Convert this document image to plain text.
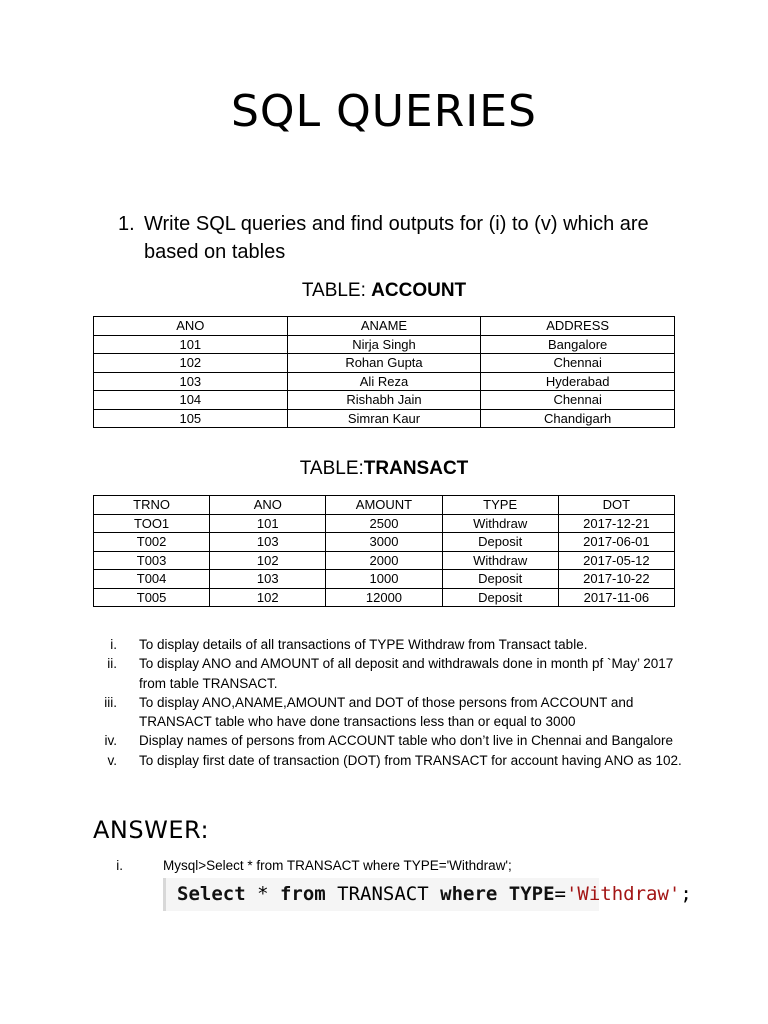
SQL QUERIES
1. Write SQL queries and find outputs for (i) to (v) which are based on tables
TABLE: ACCOUNT
ANO	ANAME	ADDRESS
101	Nirja Singh	Bangalore
102	Rohan Gupta	Chennai
103	Ali Reza	Hyderabad
104	Rishabh Jain	Chennai
105	Simran Kaur	Chandigarh
TABLE:TRANSACT
TRNO	ANO	AMOUNT	TYPE	DOT
TOO1	101	2500	Withdraw	2017-12-21
T002	103	3000	Deposit	2017-06-01
T003	102	2000	Withdraw	2017-05-12
T004	103	1000	Deposit	2017-10-22
T005	102	12000	Deposit	2017-11-06
i. To display details of all transactions of TYPE Withdraw from Transact table.
ii. To display ANO and AMOUNT of all deposit and withdrawals done in month pf `May’ 2017 from table TRANSACT.
iii. To display ANO,ANAME,AMOUNT and DOT of those persons from ACCOUNT and TRANSACT table who have done transactions less than or equal to 3000
iv. Display names of persons from ACCOUNT table who don’t live in Chennai and Bangalore
v. To display first date of transaction (DOT) from TRANSACT for account having ANO as 102.
ANSWER:
i.	Mysql>Select * from TRANSACT where TYPE='Withdraw';
Select * from TRANSACT where TYPE='Withdraw';
